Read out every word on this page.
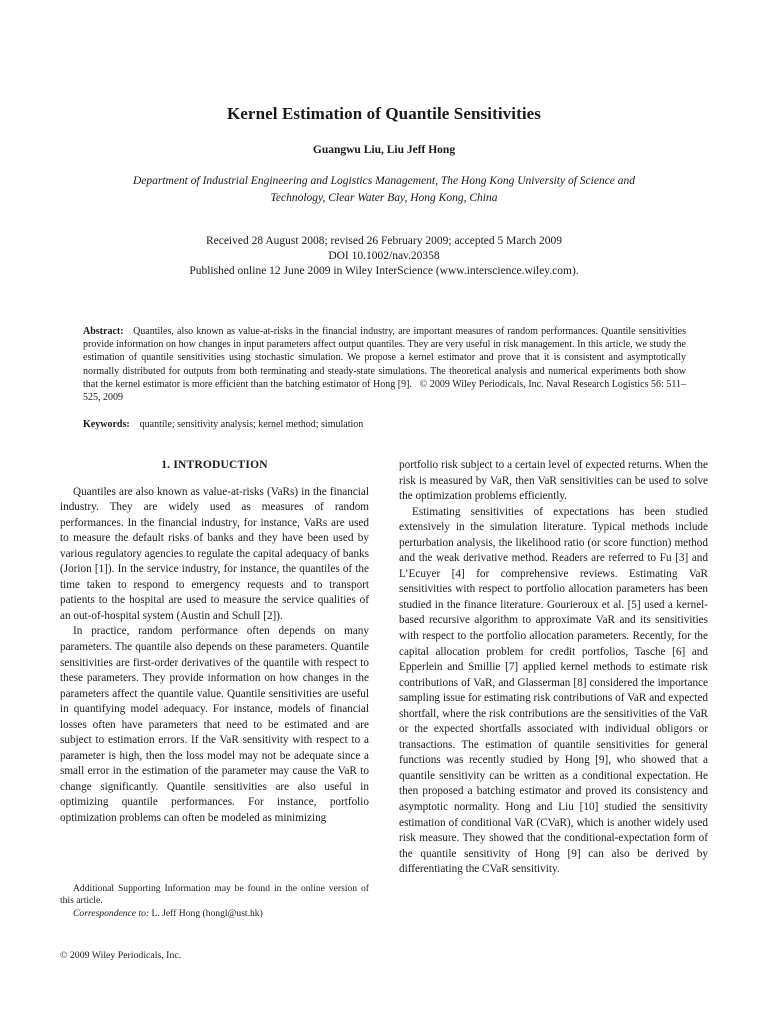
Kernel Estimation of Quantile Sensitivities
Guangwu Liu, Liu Jeff Hong
Department of Industrial Engineering and Logistics Management, The Hong Kong University of Science and Technology, Clear Water Bay, Hong Kong, China
Received 28 August 2008; revised 26 February 2009; accepted 5 March 2009
DOI 10.1002/nav.20358
Published online 12 June 2009 in Wiley InterScience (www.interscience.wiley.com).
Abstract: Quantiles, also known as value-at-risks in the financial industry, are important measures of random performances. Quantile sensitivities provide information on how changes in input parameters affect output quantiles. They are very useful in risk management. In this article, we study the estimation of quantile sensitivities using stochastic simulation. We propose a kernel estimator and prove that it is consistent and asymptotically normally distributed for outputs from both terminating and steady-state simulations. The theoretical analysis and numerical experiments both show that the kernel estimator is more efficient than the batching estimator of Hong [9]. © 2009 Wiley Periodicals, Inc. Naval Research Logistics 56: 511–525, 2009
Keywords: quantile; sensitivity analysis; kernel method; simulation
1. INTRODUCTION

Quantiles are also known as value-at-risks (VaRs) in the financial industry. They are widely used as measures of random performances. In the financial industry, for instance, VaRs are used to measure the default risks of banks and they have been used by various regulatory agencies to regulate the capital adequacy of banks (Jorion [1]). In the service industry, for instance, the quantiles of the time taken to respond to emergency requests and to transport patients to the hospital are used to measure the service qualities of an out-of-hospital system (Austin and Schull [2]).

In practice, random performance often depends on many parameters. The quantile also depends on these parameters. Quantile sensitivities are first-order derivatives of the quantile with respect to these parameters. They provide information on how changes in the parameters affect the quantile value. Quantile sensitivities are useful in quantifying model adequacy. For instance, models of financial losses often have parameters that need to be estimated and are subject to estimation errors. If the VaR sensitivity with respect to a parameter is high, then the loss model may not be adequate since a small error in the estimation of the parameter may cause the VaR to change significantly. Quantile sensitivities are also useful in optimizing quantile performances. For instance, portfolio optimization problems can often be modeled as minimizing

portfolio risk subject to a certain level of expected returns. When the risk is measured by VaR, then VaR sensitivities can be used to solve the optimization problems efficiently.

Estimating sensitivities of expectations has been studied extensively in the simulation literature. Typical methods include perturbation analysis, the likelihood ratio (or score function) method and the weak derivative method. Readers are referred to Fu [3] and L’Ecuyer [4] for comprehensive reviews. Estimating VaR sensitivities with respect to portfolio allocation parameters has been studied in the finance literature. Gourieroux et al. [5] used a kernel-based recursive algorithm to approximate VaR and its sensitivities with respect to the portfolio allocation parameters. Recently, for the capital allocation problem for credit portfolios, Tasche [6] and Epperlein and Smillie [7] applied kernel methods to estimate risk contributions of VaR, and Glasserman [8] considered the importance sampling issue for estimating risk contributions of VaR and expected shortfall, where the risk contributions are the sensitivities of the VaR or the expected shortfalls associated with individual obligors or transactions. The estimation of quantile sensitivities for general functions was recently studied by Hong [9], who showed that a quantile sensitivity can be written as a conditional expectation. He then proposed a batching estimator and proved its consistency and asymptotic normality. Hong and Liu [10] studied the sensitivity estimation of conditional VaR (CVaR), which is another widely used risk measure. They showed that the conditional-expectation form of the quantile sensitivity of Hong [9] can also be derived by differentiating the CVaR sensitivity.

Additional Supporting Information may be found in the online version of this article.

Correspondence to: L. Jeff Hong (hongl@ust.hk)

© 2009 Wiley Periodicals, Inc.
